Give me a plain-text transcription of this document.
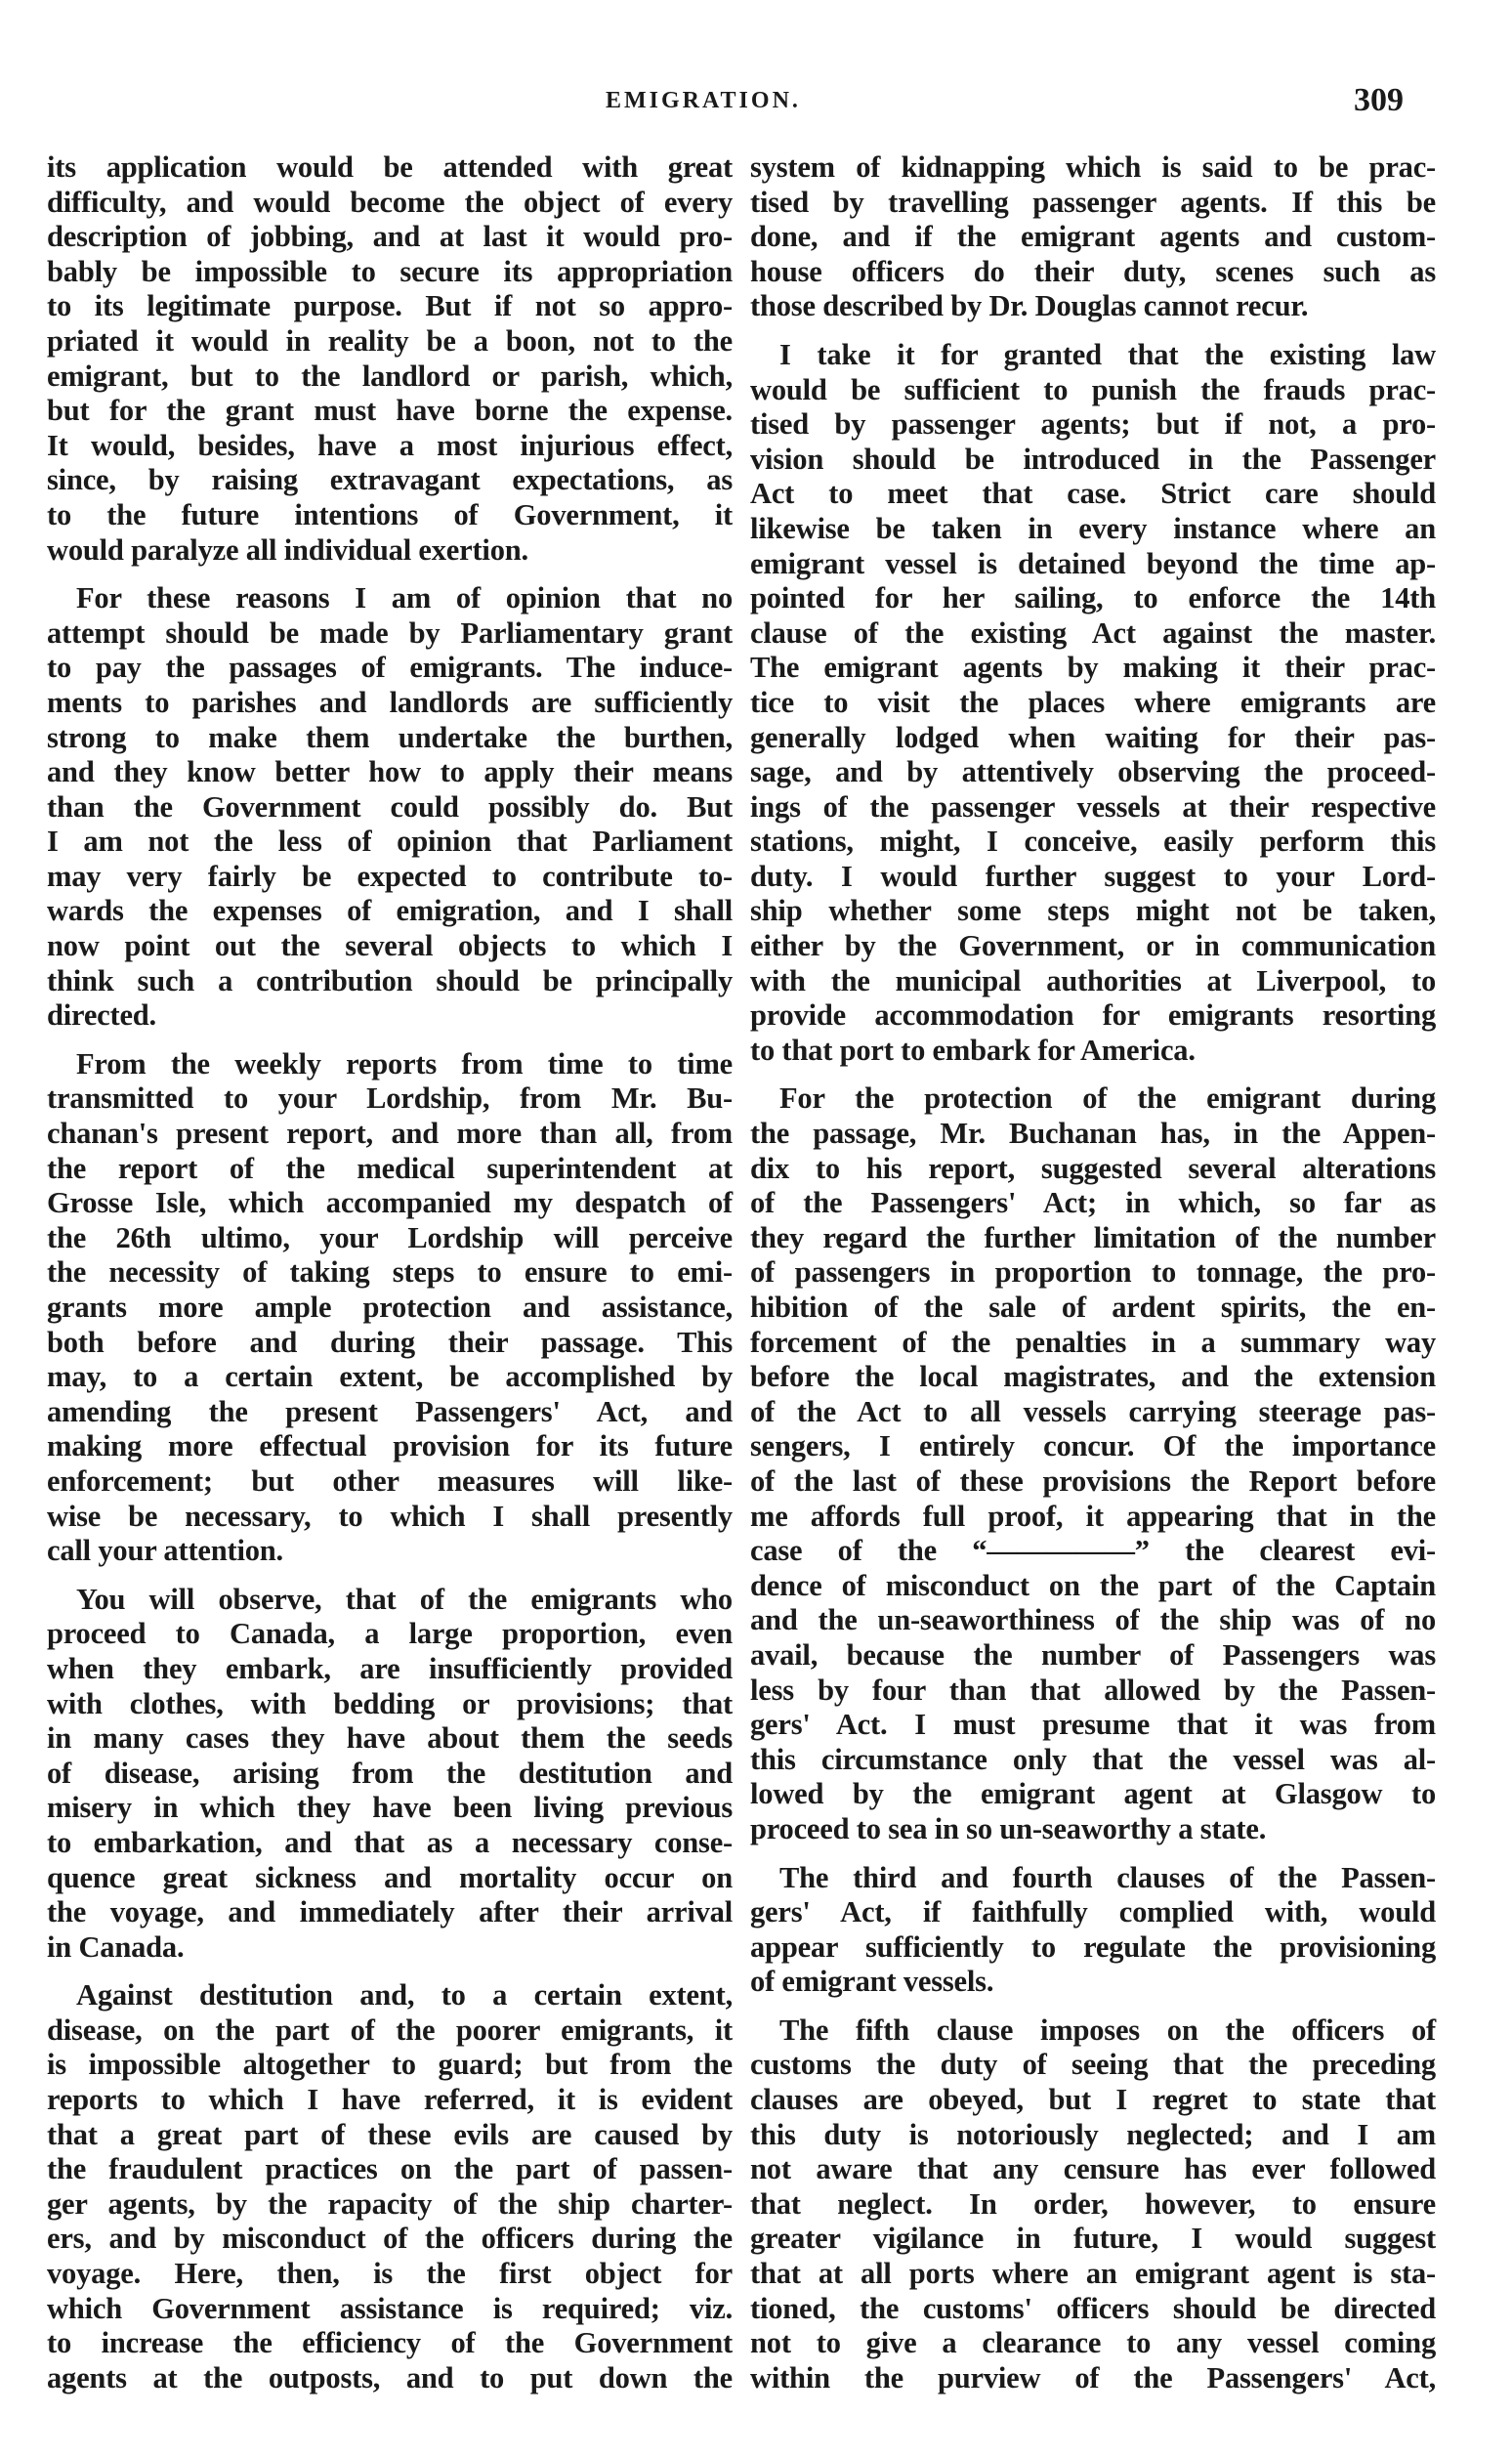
EMIGRATION.	309
its application would be attended with great
difficulty, and would become the object of every
description of jobbing, and at last it would pro-
bably be impossible to secure its appropriation
to its legitimate purpose. But if not so appro-
priated it would in reality be a boon, not to the
emigrant, but to the landlord or parish, which,
but for the grant must have borne the expense.
It would, besides, have a most injurious effect,
since, by raising extravagant expectations, as
to the future intentions of Government, it
would paralyze all individual exertion.
For these reasons I am of opinion that no
attempt should be made by Parliamentary grant
to pay the passages of emigrants. The induce-
ments to parishes and landlords are sufficiently
strong to make them undertake the burthen,
and they know better how to apply their means
than the Government could possibly do. But
I am not the less of opinion that Parliament
may very fairly be expected to contribute to-
wards the expenses of emigration, and I shall
now point out the several objects to which I
think such a contribution should be principally
directed.
From the weekly reports from time to time
transmitted to your Lordship, from Mr. Bu-
chanan's present report, and more than all, from
the report of the medical superintendent at
Grosse Isle, which accompanied my despatch of
the 26th ultimo, your Lordship will perceive
the necessity of taking steps to ensure to emi-
grants more ample protection and assistance,
both before and during their passage. This
may, to a certain extent, be accomplished by
amending the present Passengers' Act, and
making more effectual provision for its future
enforcement; but other measures will like-
wise be necessary, to which I shall presently
call your attention.
You will observe, that of the emigrants who
proceed to Canada, a large proportion, even
when they embark, are insufficiently provided
with clothes, with bedding or provisions; that
in many cases they have about them the seeds
of disease, arising from the destitution and
misery in which they have been living previous
to embarkation, and that as a necessary conse-
quence great sickness and mortality occur on
the voyage, and immediately after their arrival
in Canada.
Against destitution and, to a certain extent,
disease, on the part of the poorer emigrants, it
is impossible altogether to guard; but from the
reports to which I have referred, it is evident
that a great part of these evils are caused by
the fraudulent practices on the part of passen-
ger agents, by the rapacity of the ship charter-
ers, and by misconduct of the officers during the
voyage. Here, then, is the first object for
which Government assistance is required; viz.
to increase the efficiency of the Government
agents at the outposts, and to put down the
system of kidnapping which is said to be prac-
tised by travelling passenger agents. If this be
done, and if the emigrant agents and custom-
house officers do their duty, scenes such as
those described by Dr. Douglas cannot recur.
I take it for granted that the existing law
would be sufficient to punish the frauds prac-
tised by passenger agents; but if not, a pro-
vision should be introduced in the Passenger
Act to meet that case. Strict care should
likewise be taken in every instance where an
emigrant vessel is detained beyond the time ap-
pointed for her sailing, to enforce the 14th
clause of the existing Act against the master.
The emigrant agents by making it their prac-
tice to visit the places where emigrants are
generally lodged when waiting for their pas-
sage, and by attentively observing the proceed-
ings of the passenger vessels at their respective
stations, might, I conceive, easily perform this
duty. I would further suggest to your Lord-
ship whether some steps might not be taken,
either by the Government, or in communication
with the municipal authorities at Liverpool, to
provide accommodation for emigrants resorting
to that port to embark for America.
For the protection of the emigrant during
the passage, Mr. Buchanan has, in the Appen-
dix to his report, suggested several alterations
of the Passengers' Act; in which, so far as
they regard the further limitation of the number
of passengers in proportion to tonnage, the pro-
hibition of the sale of ardent spirits, the en-
forcement of the penalties in a summary way
before the local magistrates, and the extension
of the Act to all vessels carrying steerage pas-
sengers, I entirely concur. Of the importance
of the last of these provisions the Report before
me affords full proof, it appearing that in the
case of the “—————” the clearest evi-
dence of misconduct on the part of the Captain
and the un-seaworthiness of the ship was of no
avail, because the number of Passengers was
less by four than that allowed by the Passen-
gers' Act. I must presume that it was from
this circumstance only that the vessel was al-
lowed by the emigrant agent at Glasgow to
proceed to sea in so un-seaworthy a state.
The third and fourth clauses of the Passen-
gers' Act, if faithfully complied with, would
appear sufficiently to regulate the provisioning
of emigrant vessels.
The fifth clause imposes on the officers of
customs the duty of seeing that the preceding
clauses are obeyed, but I regret to state that
this duty is notoriously neglected; and I am
not aware that any censure has ever followed
that neglect. In order, however, to ensure
greater vigilance in future, I would suggest
that at all ports where an emigrant agent is sta-
tioned, the customs' officers should be directed
not to give a clearance to any vessel coming
within the purview of the Passengers' Act,
